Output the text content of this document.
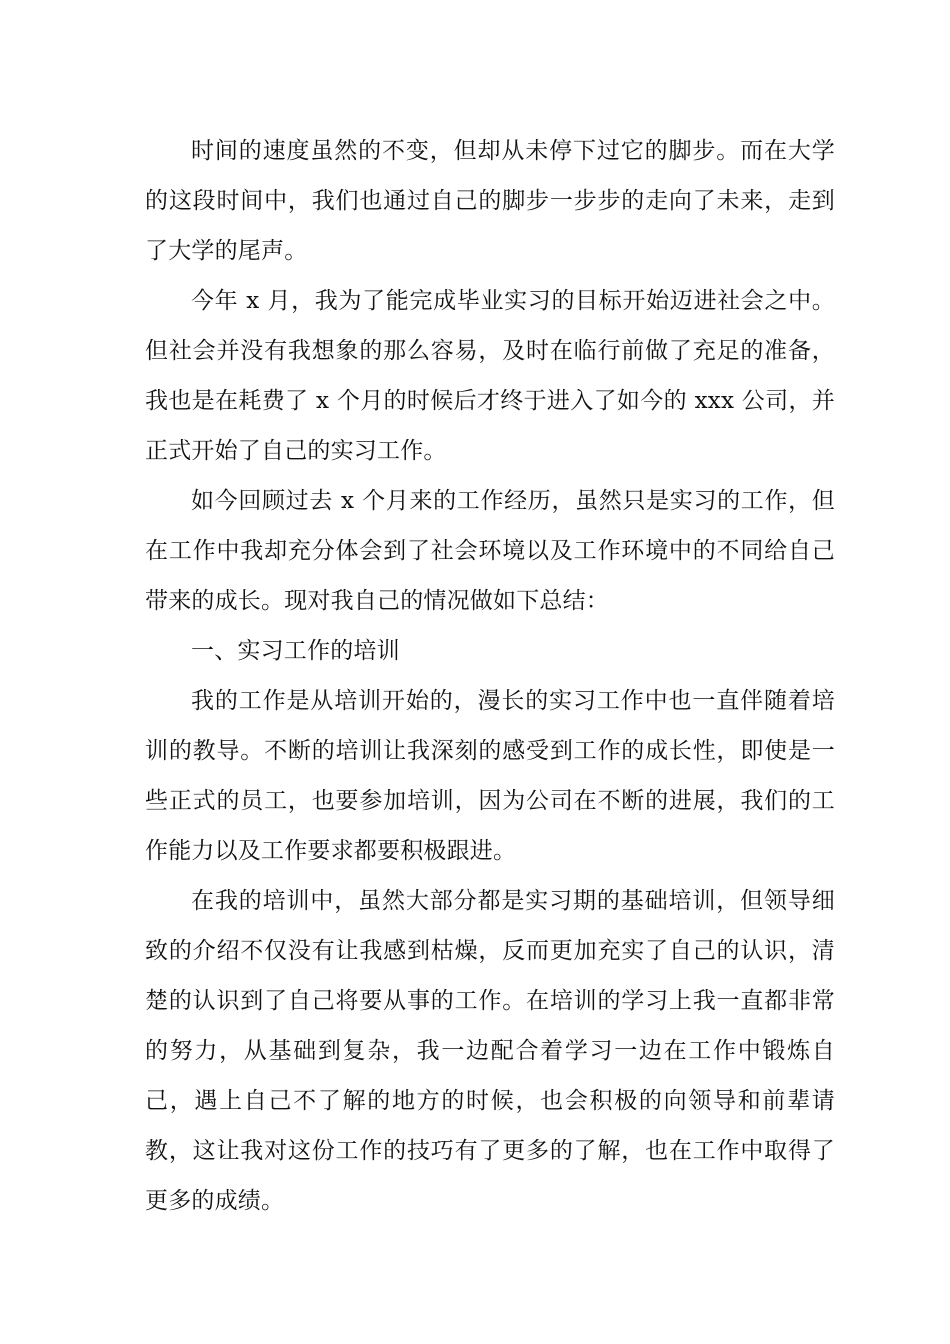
时间的速度虽然的不变，但却从未停下过它的脚步。而在大学的这段时间中，我们也通过自己的脚步一步步的走向了未来，走到了大学的尾声。

今年 x 月，我为了能完成毕业实习的目标开始迈进社会之中。但社会并没有我想象的那么容易，及时在临行前做了充足的准备，我也是在耗费了 x 个月的时候后才终于进入了如今的 xxx 公司，并正式开始了自己的实习工作。

如今回顾过去 x 个月来的工作经历，虽然只是实习的工作，但在工作中我却充分体会到了社会环境以及工作环境中的不同给自己带来的成长。现对我自己的情况做如下总结：

一、实习工作的培训

我的工作是从培训开始的，漫长的实习工作中也一直伴随着培训的教导。不断的培训让我深刻的感受到工作的成长性，即使是一些正式的员工，也要参加培训，因为公司在不断的进展，我们的工作能力以及工作要求都要积极跟进。

在我的培训中，虽然大部分都是实习期的基础培训，但领导细致的介绍不仅没有让我感到枯燥，反而更加充实了自己的认识，清楚的认识到了自己将要从事的工作。在培训的学习上我一直都非常的努力，从基础到复杂，我一边配合着学习一边在工作中锻炼自己，遇上自己不了解的地方的时候，也会积极的向领导和前辈请教，这让我对这份工作的技巧有了更多的了解，也在工作中取得了更多的成绩。
